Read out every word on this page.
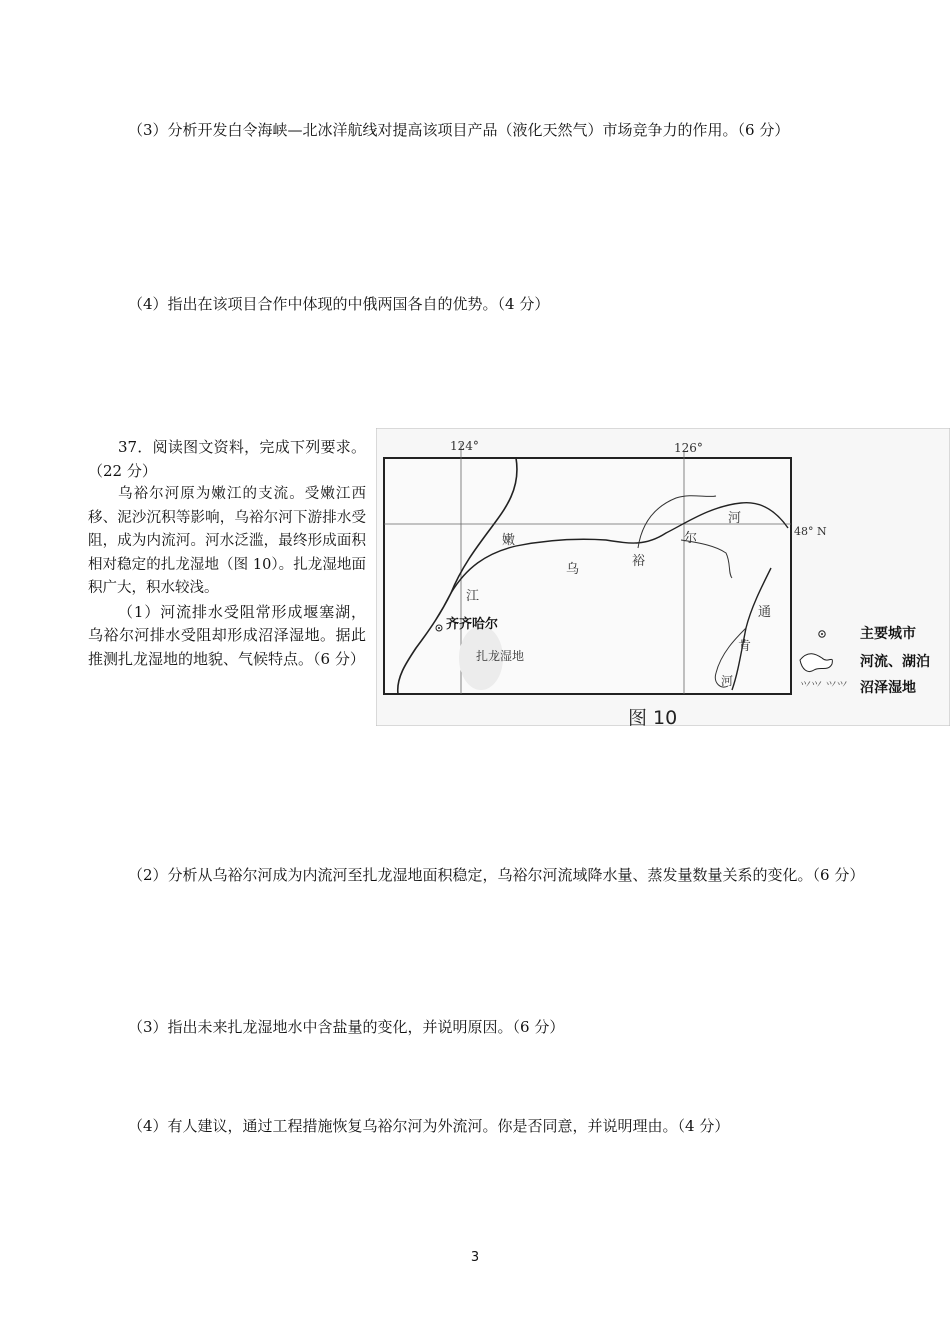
（3）分析开发白令海峡—北冰洋航线对提高该项目产品（液化天然气）市场竞争力的作用。（6 分）
（4）指出在该项目合作中体现的中俄两国各自的优势。（4 分）

37．阅读图文资料，完成下列要求。（22 分）

乌裕尔河原为嫩江的支流。受嫩江西移、泥沙沉积等影响，乌裕尔河下游排水受阻，成为内流河。河水泛滥，最终形成面积相对稳定的扎龙湿地（图 10）。扎龙湿地面积广大，积水较浅。

（1）河流排水受阻常形成堰塞湖，乌裕尔河排水受阻却形成沼泽湿地。据此推测扎龙湿地的地貌、气候特点。（6 分）

124°	126°
48° N
齐齐哈尔
扎龙湿地
嫩
江
乌
裕
尔
河
通
肯
河
图 10
⺍⺍ ⺍⺍
主要城市
河流、湖泊
沼泽湿地
（2）分析从乌裕尔河成为内流河至扎龙湿地面积稳定，乌裕尔河流域降水量、蒸发量数量关系的变化。（6 分）
（3）指出未来扎龙湿地水中含盐量的变化，并说明原因。（6 分）
（4）有人建议，通过工程措施恢复乌裕尔河为外流河。你是否同意，并说明理由。（4 分）
3
